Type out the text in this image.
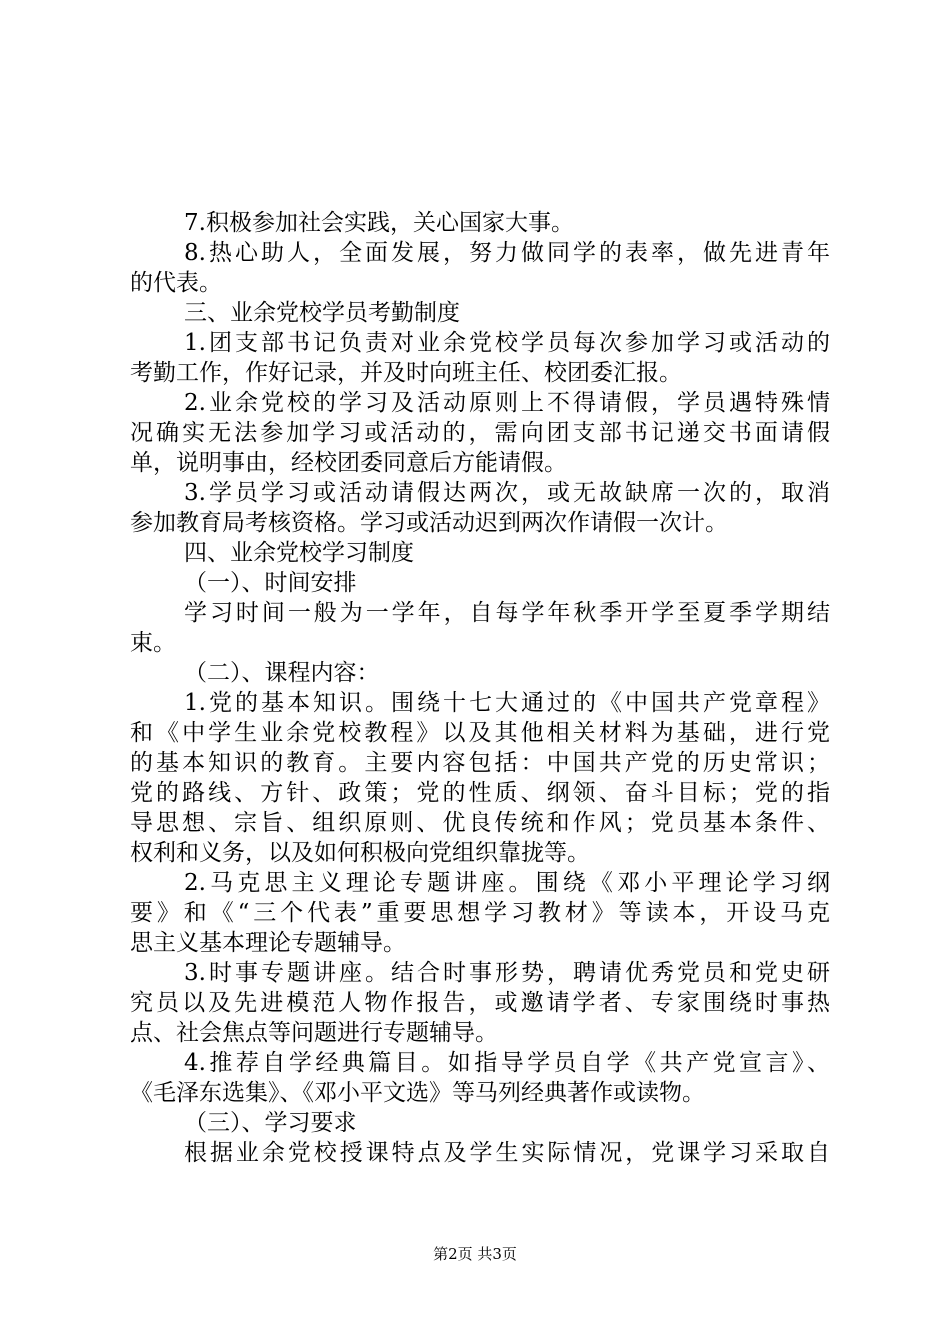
7.积极参加社会实践，关心国家大事。
8.热心助人，全面发展，努力做同学的表率，做先进青年
的代表。
三、业余党校学员考勤制度
1.团支部书记负责对业余党校学员每次参加学习或活动的
考勤工作，作好记录，并及时向班主任、校团委汇报。
2.业余党校的学习及活动原则上不得请假，学员遇特殊情
况确实无法参加学习或活动的，需向团支部书记递交书面请假
单，说明事由，经校团委同意后方能请假。
3.学员学习或活动请假达两次，或无故缺席一次的，取消
参加教育局考核资格。学习或活动迟到两次作请假一次计。
四、业余党校学习制度
（一）、时间安排
学习时间一般为一学年，自每学年秋季开学至夏季学期结
束。
（二）、课程内容：
1.党的基本知识。围绕十七大通过的《中国共产党章程》
和《中学生业余党校教程》以及其他相关材料为基础，进行党
的基本知识的教育。主要内容包括：中国共产党的历史常识；
党的路线、方针、政策；党的性质、纲领、奋斗目标；党的指
导思想、宗旨、组织原则、优良传统和作风；党员基本条件、
权利和义务，以及如何积极向党组织靠拢等。
2.马克思主义理论专题讲座。围绕《邓小平理论学习纲
要》和《“三个代表”重要思想学习教材》等读本，开设马克
思主义基本理论专题辅导。
3.时事专题讲座。结合时事形势，聘请优秀党员和党史研
究员以及先进模范人物作报告，或邀请学者、专家围绕时事热
点、社会焦点等问题进行专题辅导。
4.推荐自学经典篇目。如指导学员自学《共产党宣言》、
《毛泽东选集》、《邓小平文选》等马列经典著作或读物。
（三）、学习要求
根据业余党校授课特点及学生实际情况，党课学习采取自
第2页 共3页
